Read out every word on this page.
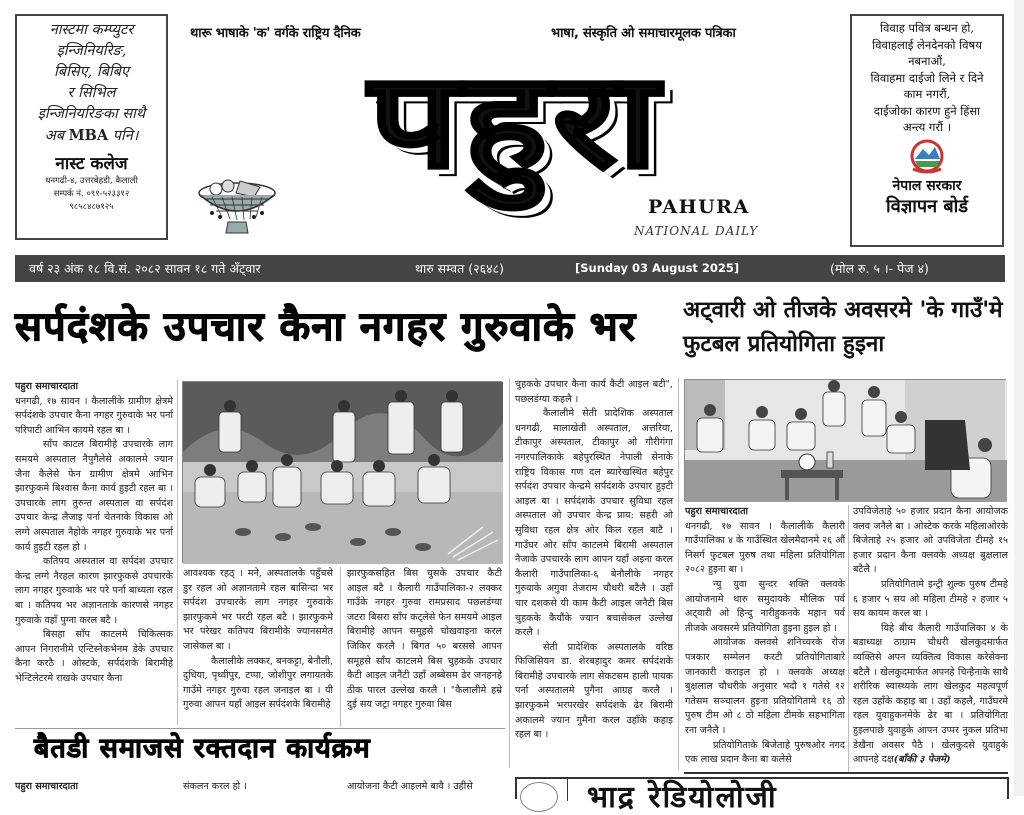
नास्टमा कम्प्युटर
इन्जिनियरिङ,
बिसिए, बिबिए
र सिभिल
इन्जिनियरिङका साथै
अब MBA पनि।
नास्ट कलेज
धनगढी-४, उत्तरबेहडी, कैलाली
सम्पर्क नं. ०९१-५२३३१२
९८५८४८७१२५
थारू भाषाके 'क' वर्गके राष्ट्रिय दैनिक	भाषा, संस्कृति ओ समाचारमूलक पत्रिका
पहुरा
PAHURA
NATIONAL DAILY
विवाह पवित्र बन्धन हो,
विवाहलाई लेनदेनको विषय
नबनाऔं,
विवाहमा दाईजो लिने र दिने
काम नगरौं,
दाईजोका कारण हुने हिंसा
अन्त्य गरौं ।
नेपाल सरकार
विज्ञापन बोर्ड
वर्ष २३ अंक १८ वि.सं. २०८२ सावन १८ गते अँट्वार	थारु सम्वत (२६४८)	[Sunday 03 August 2025]	(मोल रु. ५ ।- पेज ४)
सर्पदंशके उपचार कैना नगहर गुरुवाके भर	अट्वारी ओ तीजके अवसरमे 'के गाउँ'मे फुटबल प्रतियोगिता हुइना

पहुरा समाचारदाता

धनगढी, १७ सावन । कैलालीके ग्रामीण क्षेत्रमे सर्पदंशके उपचार कैना नगहर गुरुवाके भर पर्ना परिपाटी आभिन कायमे रहल बा ।

साँप काटल बिरामीहे उपचारके लाग समयमे अस्पताल नैपुगैलेसे अकालमे ज्यान जैना कैलेसे फेन ग्रामीण क्षेत्रमे आभिन झारफुकमे बिश्वास कैना कार्य हुइटी रहल बा । उपचारके लाग तुरुन्त अस्पताल वा सर्पदंश उपचार केन्द्र लैजाइ पर्ना चेतनाके विकास ओ लग्गे अस्पताल नैहोके नगहर गुरुवाके भर पर्ना कार्य हुइटी रहल हो ।

कतिपय अस्पताल वा सर्पदंश उपचार केन्द्र लग्गे नैरहल कारण झारफुकसे उपचारके लाग नगहर गुरुवाके भर परे पर्ना बाध्यता रहल बा । कतिपय भर अज्ञानताके कारणसे नगहर गुरुवाके वहाँ पुग्ना करल बटै ।

बिसहा साँप काटलमे चिकित्सक आपन निगरानीमे एन्टिस्नेकभेनम डेके उपचार कैना करठै । ओस्टके, सर्पदंशके बिरामीहे भेन्टिलेटरमे राखके उपचार कैना

आवश्यक रहठ् । मने, अस्पतालके पहुँचसे डुर रहल ओ अज्ञानतामे रहल बासिन्दा भर सर्पदंश उपचारके लाग नगहर गुरुवाके झारफुकमे भर परटी रहल बटै । झारफुकमे भर परेखर कतिपय बिरामीके ज्यानसमेत जासेकल बा ।

कैलालीके लक्कर, बनकट्टा, बेनौली, दुधिया, पृथ्वीपुर, टप्पा, जोशीपुर लगायतके गाउँमे नगहर गुरुवा रहल जनाइल बा । यी गुरुवा आपन यहाँ आइल सर्पदंशके बिरामीहे

झारफुकसहित बिस चुसके उपचार कैटी आइल बटै । कैलारी गाउँपालिका-२ लक्कर गाउँके नगहर गुरुवा रामप्रसाद पछलडंग्या जटरा बिसरा साँप कट्लेसे फेन समयमे आइल बिरामीहे आपन समूहसे चोखवाइना करल जिकिर करलै । बिगत ५० बरससे आपन समूहसे साँप काटलमे बिस चुहकके उपचार कैटी आइल जनैटी उहाँ अब्बेसम ढेर जनहनहे ठीक पारल उल्लेख करलै । "कैलालीमे हम्रे दुई सय जट्रा नगहर गुरुवा बिस

चुहकके उपचार कैना कार्य कैटी आइल बटी", पछलडंग्या कहलै ।

कैलालीमे सेती प्रादेशिक अस्पताल धनगढी, मालाखेती अस्पताल, अत्तरिया, टीकापुर अस्पताल, टीकापुर ओ गौरीगंगा नगरपालिकाके बहेपुरस्थित नेपाली सेनाके राष्ट्रिय विकास गण दल ब्यारेखस्थित बहेपुर सर्पदंश उपचार केन्द्रमे सर्पदंशके उपचार हुइटी आइल बा । सर्पदंशके उपचार सुविधा रहल अस्पताल ओ उपचार केन्द्र प्राय: सहरी ओ सुविधा रहल क्षेत्र ओर किल रहल बाटै । गाउँघर ओर साँप काटलमे बिरामी अस्पताल नैजाके उपचारके लाग आपन यहाँ अइना करल कैलारी गाउँपालिका-६ बेनौलीके नगहर गुरुवाके अगुवा तेजराम चौधरी बटैलै । उहाँ चार दशकसे यी काम कैटी आइल जनैटी बिस चुहकके कैयौंके ज्यान बचासेकल उल्लेख करलै ।

सेती प्रादेशिक अस्पतालके वरिष्ठ फिजिसियन डा. शेरबहादुर कमर सर्पदंशके बिरामीहे उपचारके लाग सेकटसम हाली पायक पर्ना अस्पतालमे पुगैना आग्रह करलै । झारफुकमे भरपरखेर सर्पदंशके ढेर बिरामी अकालमे ज्यान गुमैना करल उहाँके कहाइ रहल बा ।

पहुरा समाचारदाता

धनगढी, १७ सावन । कैलालीके कैलारी गाउँपालिका ४ के गाउँस्थित खेलमैदानमे २६ औं निसर्ग फुटबल पुरुष तथा महिला प्रतियोगिता २०८२ हुइना बा ।

न्यु युवा सुन्दर शक्ति क्लवके आयोजनामे थारु समुदायके मौलिक पर्व अट्वारी ओ हिन्दु नारीहुकनके महान पर्व तीजके अवसरमे प्रतियोगिता हुइना हुइल हो ।

आयोजक क्लवसे शनिच्चरके रोज पत्रकार सम्मेलन करटी प्रतियोगिताबारे जानकारी कराइल हो । क्लवके अध्यक्ष बुक्षलाल चौधरीके अनुसार भदौ १ गतेसे १२ गतेसम सञ्चालन हुइना प्रतियोगितामे १६ ठो पुरुष टीम ओ ८ ठो महिला टीमके सहभागिता रना जनैलै ।

प्रतियोगिताके बिजेताहे पुरुषओर नगद एक लाख प्रदान कैना बा कलेसे

उपविजेताहे ५० हजार प्रदान कैना आयोजक क्लव जनैले बा । ओस्टेक करके महिलाओरके बिजेताहे २५ हजार ओ उपविजेता टीमहे १५ हजार प्रदान कैना क्लवके अध्यक्ष बुक्षलाल बटैलै ।

प्रतियोगितामे इन्ट्री शुल्क पुरुष टीमहे ६ हजार ५ सय ओ महिला टीमहे २ हजार ५ सय कायम करल बा ।

यिहे बीच कैलारी गाउँपालिका ४ के बडाध्यक्ष ठाग्राम चौधरी खेलकुदमार्फत व्यक्तिसे अपन व्यक्तित्व विकास करेसेक्ना बटैलै । खेलकुदमार्फत अपनहे चिन्हैनाके साथै शरीरिक स्वास्थ्यके लाग खेलकुद महत्वपूर्ण रहल उहाँके कहाइ बा । उहाँ कहलै, गाउँघरमे रहल युवाहुकनमेके ढेर बा । प्रतियोगिता हुइलपाछे युवाहुके आपन उप्पर नुकल प्रतिभा डेखैना अवसर पैठै । खेलकुदसे युवाहुके आपनहे दक्ष(बाँकी ३ पेजमे)

बैतडी समाजसे रक्तदान कार्यक्रम
पहुरा समाचारदाता	संकलन करल हो ।	आयोजना कैटी आइलमे बावै । उहीसे	भाद्र रेडियोलोजी
